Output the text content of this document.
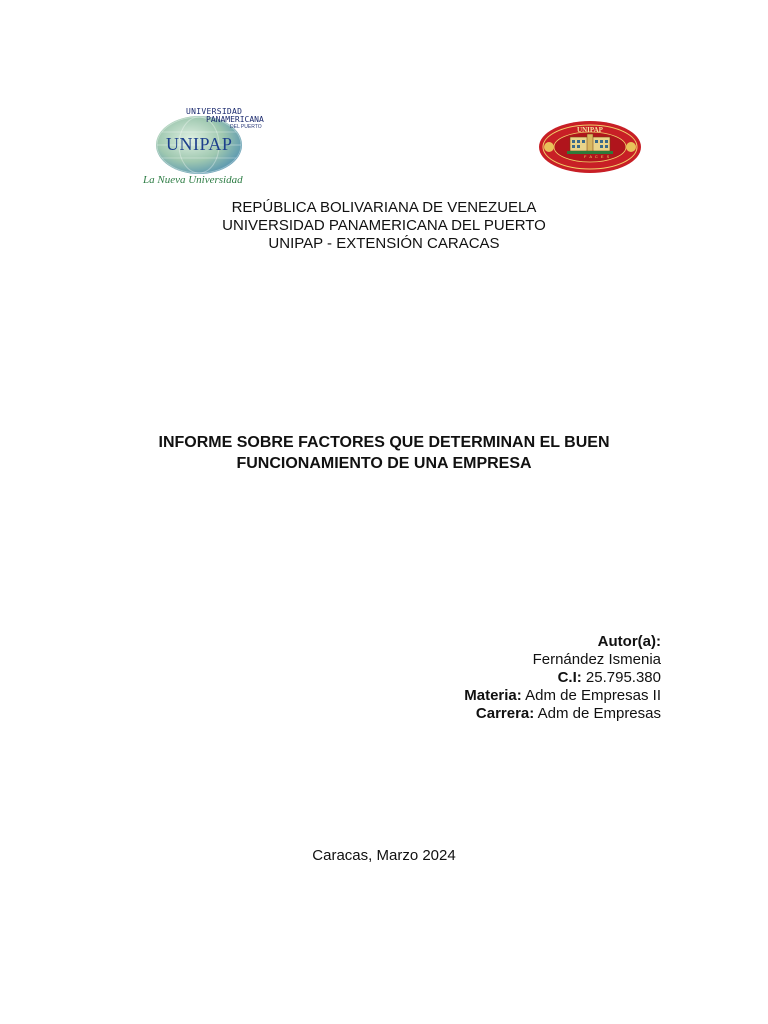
UNIVERSIDAD
PANAMERICANA
DEL PUERTO
UNIPAP
La Nueva Universidad
F A C E S
UNIPAP
REPÚBLICA BOLIVARIANA DE VENEZUELA
UNIVERSIDAD PANAMERICANA DEL PUERTO
UNIPAP - EXTENSIÓN CARACAS
INFORME SOBRE FACTORES QUE DETERMINAN EL BUEN
FUNCIONAMIENTO DE UNA EMPRESA
Autor(a):
Fernández Ismenia
C.I: 25.795.380
Materia: Adm de Empresas II
Carrera: Adm de Empresas
Caracas, Marzo 2024
